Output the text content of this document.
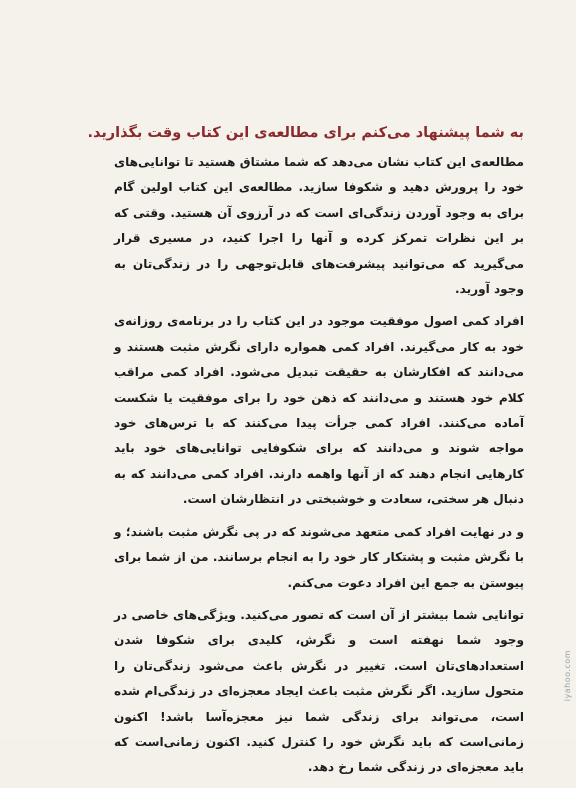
به شما پیشنهاد می‌کنم برای مطالعه‌ی این کتاب وقت بگذارید.

مطالعه‌ی این کتاب نشان می‌دهد که شما مشتاق هستید تا توانایی‌های خود را پرورش دهید و شکوفا سازید. مطالعه‌ی این کتاب اولین گام برای به وجود آوردن زندگی‌ای است که در آرزوی آن هستید. وقتی که بر این نظرات تمرکز کرده و آنها را اجرا کنید، در مسیری قرار می‌گیرید که می‌توانید پیشرفت‌های قابل‌توجهی را در زندگی‌تان به وجود آورید.

افراد کمی اصول موفقیت موجود در این کتاب را در برنامه‌ی روزانه‌ی خود به کار می‌گیرند. افراد کمی همواره دارای نگرش مثبت هستند و می‌دانند که افکارشان به حقیقت تبدیل می‌شود. افراد کمی مراقب کلام خود هستند و می‌دانند که ذهن خود را برای موفقیت یا شکست آماده می‌کنند. افراد کمی جرأت پیدا می‌کنند که با ترس‌های خود مواجه شوند و می‌دانند که برای شکوفایی توانایی‌های خود باید کارهایی انجام دهند که از آنها واهمه دارند. افراد کمی می‌دانند که به دنبال هر سختی، سعادت و خوشبختی در انتظارشان است.

و در نهایت افراد کمی متعهد می‌شوند که در پی نگرش مثبت باشند؛ و با نگرش مثبت و پشتکار کار خود را به انجام برسانند. من از شما برای پیوستن به جمع این افراد دعوت می‌کنم.

توانایی شما بیشتر از آن است که تصور می‌کنید. ویژگی‌های خاصی در وجود شما نهفته است و نگرش، کلیدی برای شکوفا شدن استعدادهای‌تان است. تغییر در نگرش باعث می‌شود زندگی‌تان را متحول سازید. اگر نگرش مثبت باعث ایجاد معجزه‌ای در زندگی‌ام شده است، می‌تواند برای زندگی شما نیز معجزه‌آسا باشد! اکنون زمانی‌است که باید نگرش خود را کنترل کنید. اکنون زمانی‌است که باید معجزه‌ای در زندگی شما رخ دهد.

iyahoo.com
